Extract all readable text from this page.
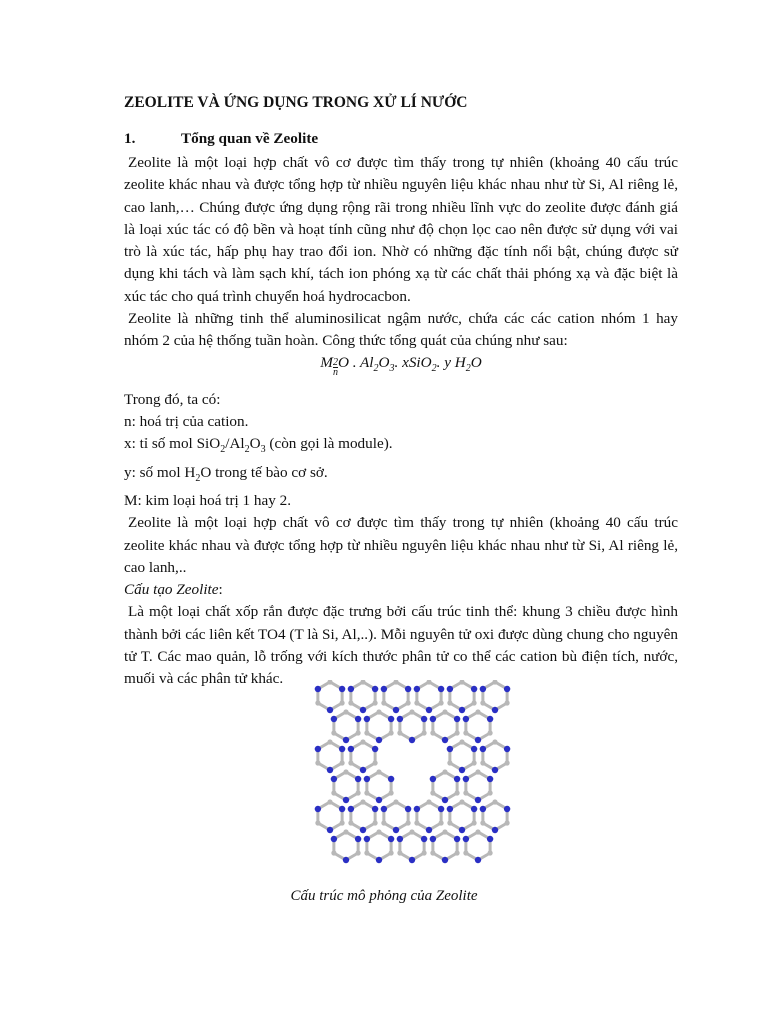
ZEOLITE VÀ ỨNG DỤNG TRONG XỬ LÍ NƯỚC
1.	Tổng quan về Zeolite

Zeolite là một loại hợp chất vô cơ được tìm thấy trong tự nhiên (khoảng 40 cấu trúc zeolite khác nhau và được tổng hợp từ nhiều nguyên liệu khác nhau như từ Si, Al riêng lẻ, cao lanh,… Chúng được ứng dụng rộng rãi trong nhiều lĩnh vực do zeolite được đánh giá là loại xúc tác có độ bền và hoạt tính cũng như độ chọn lọc cao nên được sử dụng với vai trò là xúc tác, hấp phụ hay trao đổi ion. Nhờ có những đặc tính nổi bật, chúng được sử dụng khi tách và làm sạch khí, tách ion phóng xạ từ các chất thải phóng xạ và đặc biệt là xúc tác cho quá trình chuyển hoá hydrocacbon.

Zeolite là những tinh thể aluminosilicat ngậm nước, chứa các các cation nhóm 1 hay nhóm 2 của hệ thống tuần hoàn. Công thức tổng quát của chúng như sau:

M $\frac{2}{n}$ O . $Al_2O_3$. xSiO$_2$. y $H_2O$
Trong đó, ta có:
n: hoá trị của cation.
x: tỉ số mol $SiO_2/Al_2O_3$ (còn gọi là module).
y: số mol $H_2O$ trong tế bào cơ sở.
M: kim loại hoá trị 1 hay 2.

Zeolite là một loại hợp chất vô cơ được tìm thấy trong tự nhiên (khoảng 40 cấu trúc zeolite khác nhau và được tổng hợp từ nhiều nguyên liệu khác nhau như từ Si, Al riêng lẻ, cao lanh,..

Cấu tạo Zeolite:

Là một loại chất xốp rắn được đặc trưng bởi cấu trúc tinh thể: khung 3 chiều được hình thành bởi các liên kết TO4 (T là Si, Al,..). Mỗi nguyên tử oxi được dùng chung cho nguyên tử T. Các mao quản, lỗ trống với kích thước phân tử co thể các cation bù điện tích, nước, muối và các phân tử khác.

Cấu trúc mô phỏng của Zeolite
